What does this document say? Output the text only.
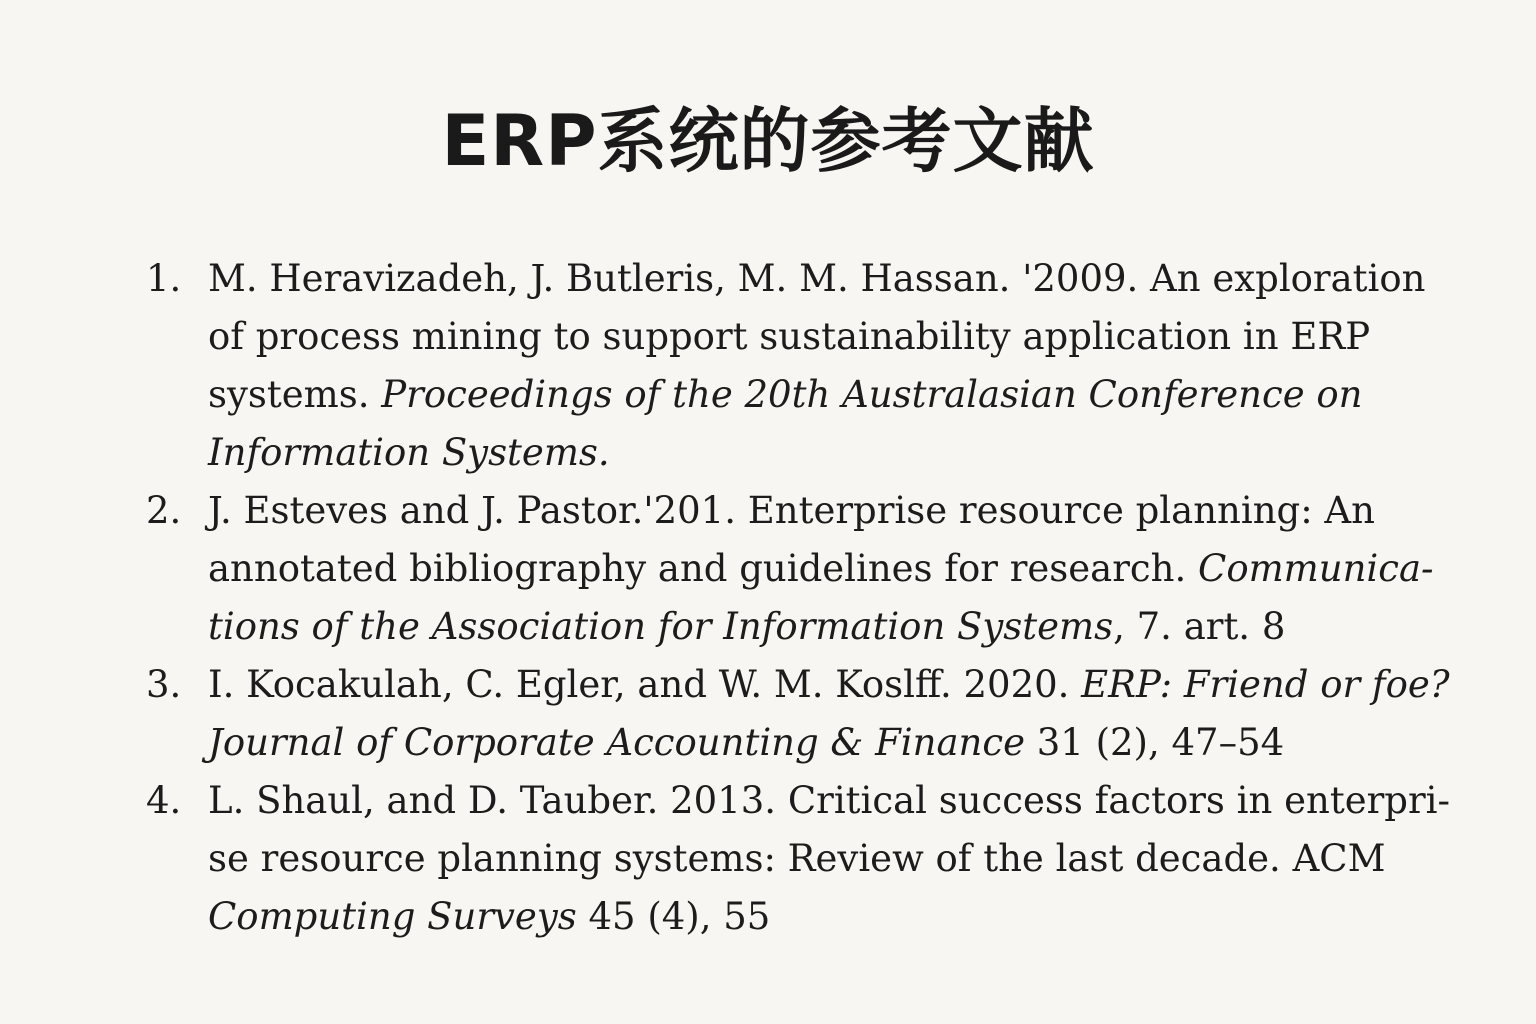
ERP系统的参考文献
1. M. Heravizadeh, J. Butleris, M. M. Hassan. '2009. An exploration
of process mining to support sustainability application in ERP
systems. Proceedings of the 20th Australasian Conference on
Information Systems.
2. J. Esteves and J. Pastor.'201. Enterprise resource planning: An
annotated bibliography and guidelines for research. Communica-
tions of the Association for Information Systems, 7. art. 8
3. I. Kocakulah, C. Egler, and W. M. Koslff. 2020. ERP: Friend or foe?
Journal of Corporate Accounting & Finance 31 (2), 47–54
4. L. Shaul, and D. Tauber. 2013. Critical success factors in enterpri-
se resource planning systems: Review of the last decade. ACM
Computing Surveys 45 (4), 55
